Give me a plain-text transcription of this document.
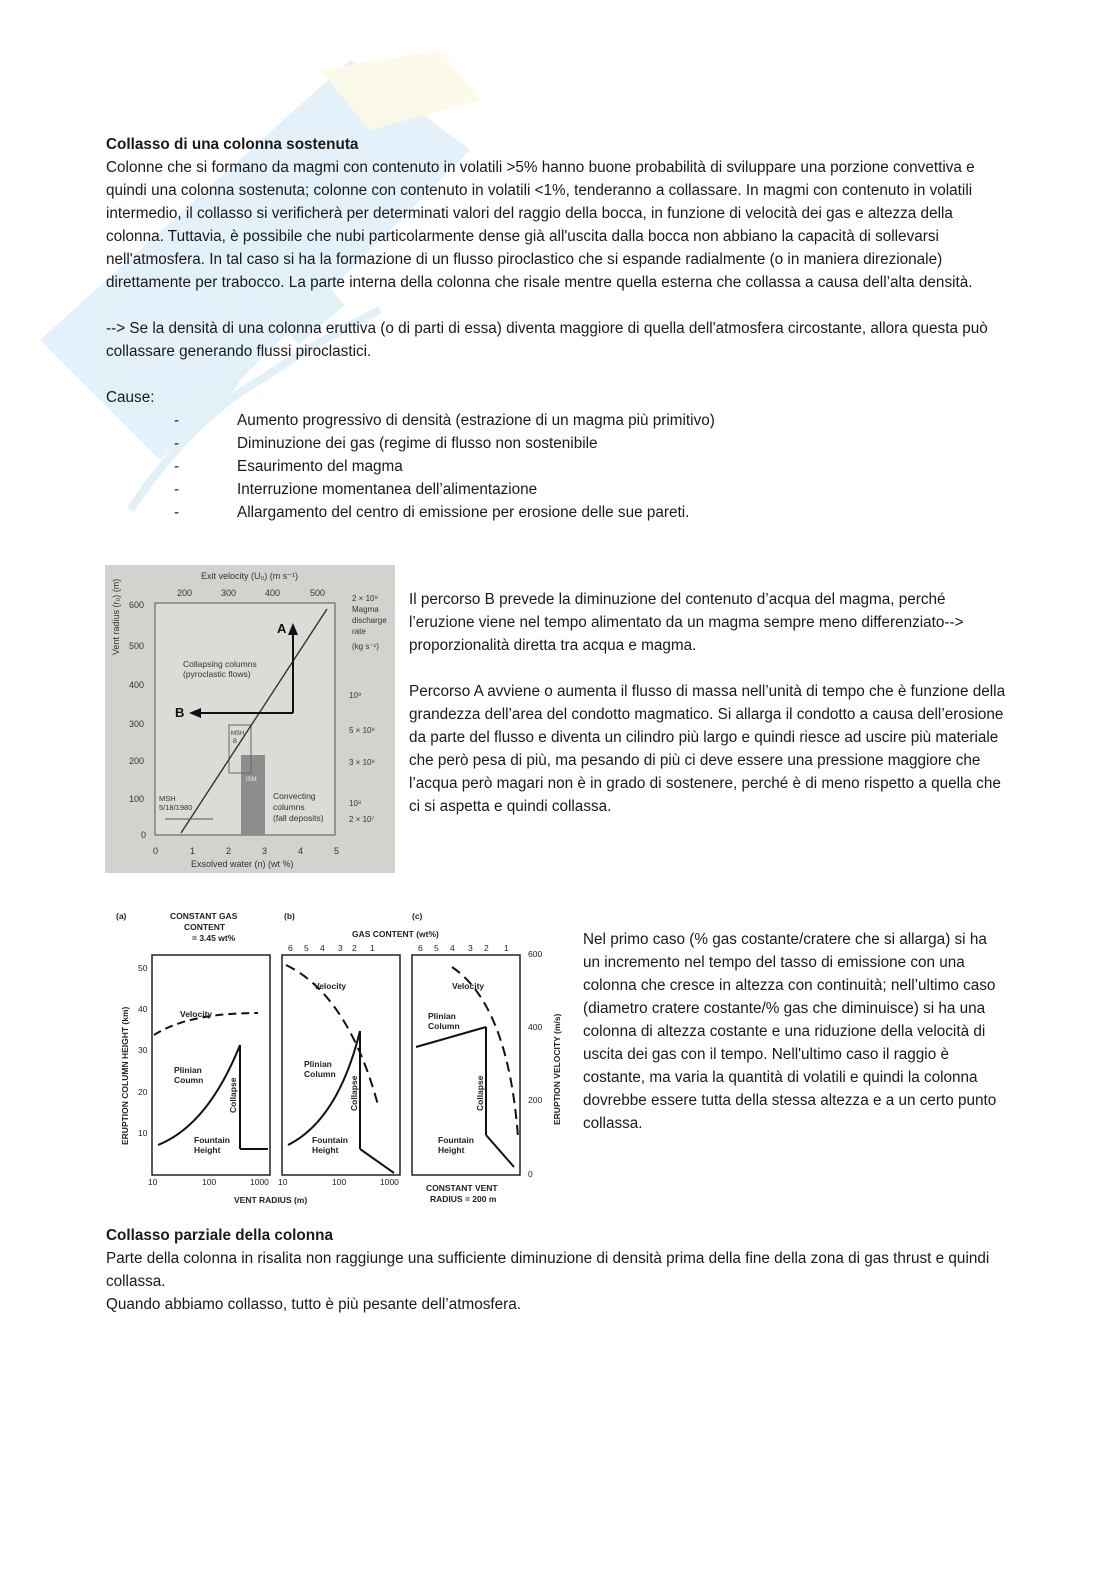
Collasso di una colonna sostenuta

Colonne che si formano da magmi con contenuto in volatili >5% hanno buone probabilità di sviluppare una porzione convettiva e quindi una colonna sostenuta; colonne con contenuto in volatili <1%, tenderanno a collassare. In magmi con contenuto in volatili intermedio, il collasso si verificherà per determinati valori del raggio della bocca, in funzione di velocità dei gas e altezza della colonna. Tuttavia, è possibile che nubi particolarmente dense già all'uscita dalla bocca non abbiano la capacità di sollevarsi nell'atmosfera. In tal caso si ha la formazione di un flusso piroclastico che si espande radialmente (o in maniera direzionale) direttamente per trabocco. La parte interna della colonna che risale mentre quella esterna che collassa a causa dell’alta densità.

--> Se la densità di una colonna eruttiva (o di parti di essa) diventa maggiore di quella dell'atmosfera circostante, allora questa può collassare generando flussi piroclastici.

Cause:

- Aumento progressivo di densità (estrazione di un magma più primitivo)
- Diminuzione dei gas (regime di flusso non sostenibile
- Esaurimento del magma
- Interruzione momentanea dell’alimentazione
- Allargamento del centro di emissione per erosione delle sue pareti.
Exit velocity (U₀) (m s⁻¹)
200	300	400	500
Vent radius (r₀) (m) 600
500
400
300
200
100
0
0	1	2	3	4	5
Exsolved water (n) (wt %)
Magma
discharge
rate
(kg s⁻¹)
2 × 10⁹
10⁹
5 × 10⁸
3 × 10⁸
10⁸
2 × 10⁷
Collapsing columns
(pyroclastic flows)
Convecting
columns
(fall deposits)
MSH
5/18/1980
A
B
MSH
B
ISM

Il percorso B prevede la diminuzione del contenuto d’acqua del magma, perché l’eruzione viene nel tempo alimentato da un magma sempre meno differenziato--> proporzionalità diretta tra acqua e magma.

Percorso A avviene o aumenta il flusso di massa nell’unità di tempo che è funzione della grandezza dell’area del condotto magmatico. Si allarga il condotto a causa dell’erosione da parte del flusso e diventa un cilindro più largo e quindi riesce ad uscire più materiale che però pesa di più, ma pesando di più ci deve essere una pressione maggiore che l’acqua però magari non è in grado di sostenere, perché è di meno rispetto a quella che ci si aspetta e quindi collassa.

(a)	(b)	(c)
CONSTANT GAS
CONTENT
= 3.45 wt%	GAS CONTENT (wt%)
6 5 4 3 2 1	6 5 4 3 2 1
ERUPTION COLUMN HEIGHT (km)
50
40
30
20
10
600
400
200
0
ERUPTION VELOCITY (m/s)
10	100	1000 10	100	1000
VENT RADIUS (m)
CONSTANT VENT
RADIUS = 200 m
Velocity
Plinian
Coumn
Fountain
Height
Collapse
Velocity
Plinian
Column
Fountain
Height
Collapse
Velocity
Plinian
Column
Fountain
Height
Collapse

Nel primo caso (% gas costante/cratere che si allarga) si ha un incremento nel tempo del tasso di emissione con una colonna che cresce in altezza con continuità; nell’ultimo caso (diametro cratere costante/% gas che diminuisce) si ha una colonna di altezza costante e una riduzione della velocità di uscita dei gas con il tempo. Nell'ultimo caso il raggio è costante, ma varia la quantità di volatili e quindi la colonna dovrebbe essere tutta della stessa altezza e a un certo punto collassa.

Collasso parziale della colonna

Parte della colonna in risalita non raggiunge una sufficiente diminuzione di densità prima della fine della zona di gas thrust e quindi collassa.

Quando abbiamo collasso, tutto è più pesante dell’atmosfera.
